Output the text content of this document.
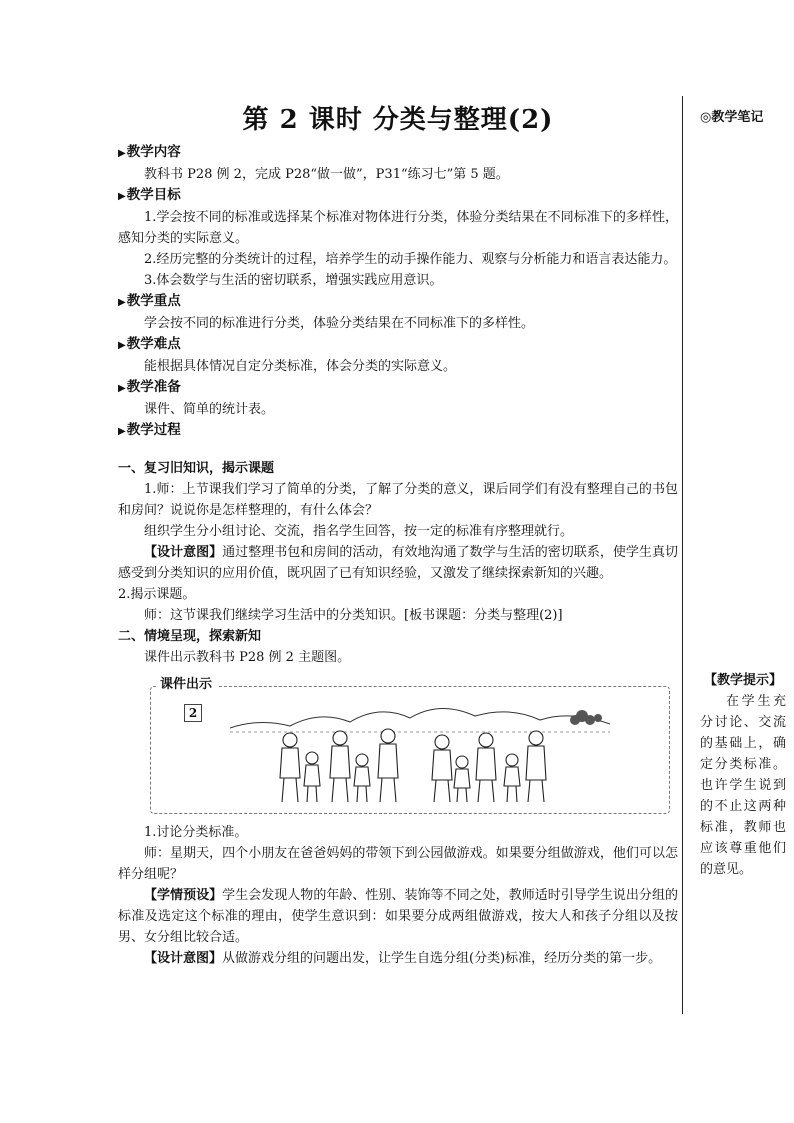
◎教学笔记
【教学提示】
在学生充分讨论、交流的基础上，确定分类标准。也许学生说到的不止这两种标准，教师也应该尊重他们的意见。
第 2 课时 分类与整理(2)

▶教学内容

教科书 P28 例 2，完成 P28“做一做”，P31“练习七”第 5 题。

▶教学目标

1.学会按不同的标准或选择某个标准对物体进行分类，体验分类结果在不同标准下的多样性，感知分类的实际意义。

2.经历完整的分类统计的过程，培养学生的动手操作能力、观察与分析能力和语言表达能力。

3.体会数学与生活的密切联系，增强实践应用意识。

▶教学重点

学会按不同的标准进行分类，体验分类结果在不同标准下的多样性。

▶教学难点

能根据具体情况自定分类标准，体会分类的实际意义。

▶教学准备

课件、简单的统计表。

▶教学过程

一、复习旧知识，揭示课题

1.师：上节课我们学习了简单的分类，了解了分类的意义，课后同学们有没有整理自己的书包和房间？说说你是怎样整理的，有什么体会？

组织学生分小组讨论、交流，指名学生回答，按一定的标准有序整理就行。

【设计意图】通过整理书包和房间的活动，有效地沟通了数学与生活的密切联系，使学生真切感受到分类知识的应用价值，既巩固了已有知识经验，又激发了继续探索新知的兴趣。

2.揭示课题。

师：这节课我们继续学习生活中的分类知识。[板书课题：分类与整理(2)]

二、情境呈现，探索新知

课件出示教科书 P28 例 2 主题图。

课件出示
2

1.讨论分类标准。

师：星期天，四个小朋友在爸爸妈妈的带领下到公园做游戏。如果要分组做游戏，他们可以怎样分组呢？

【学情预设】学生会发现人物的年龄、性别、装饰等不同之处，教师适时引导学生说出分组的标准及选定这个标准的理由，使学生意识到：如果要分成两组做游戏，按大人和孩子分组以及按男、女分组比较合适。

【设计意图】从做游戏分组的问题出发，让学生自选分组(分类)标准，经历分类的第一步。
